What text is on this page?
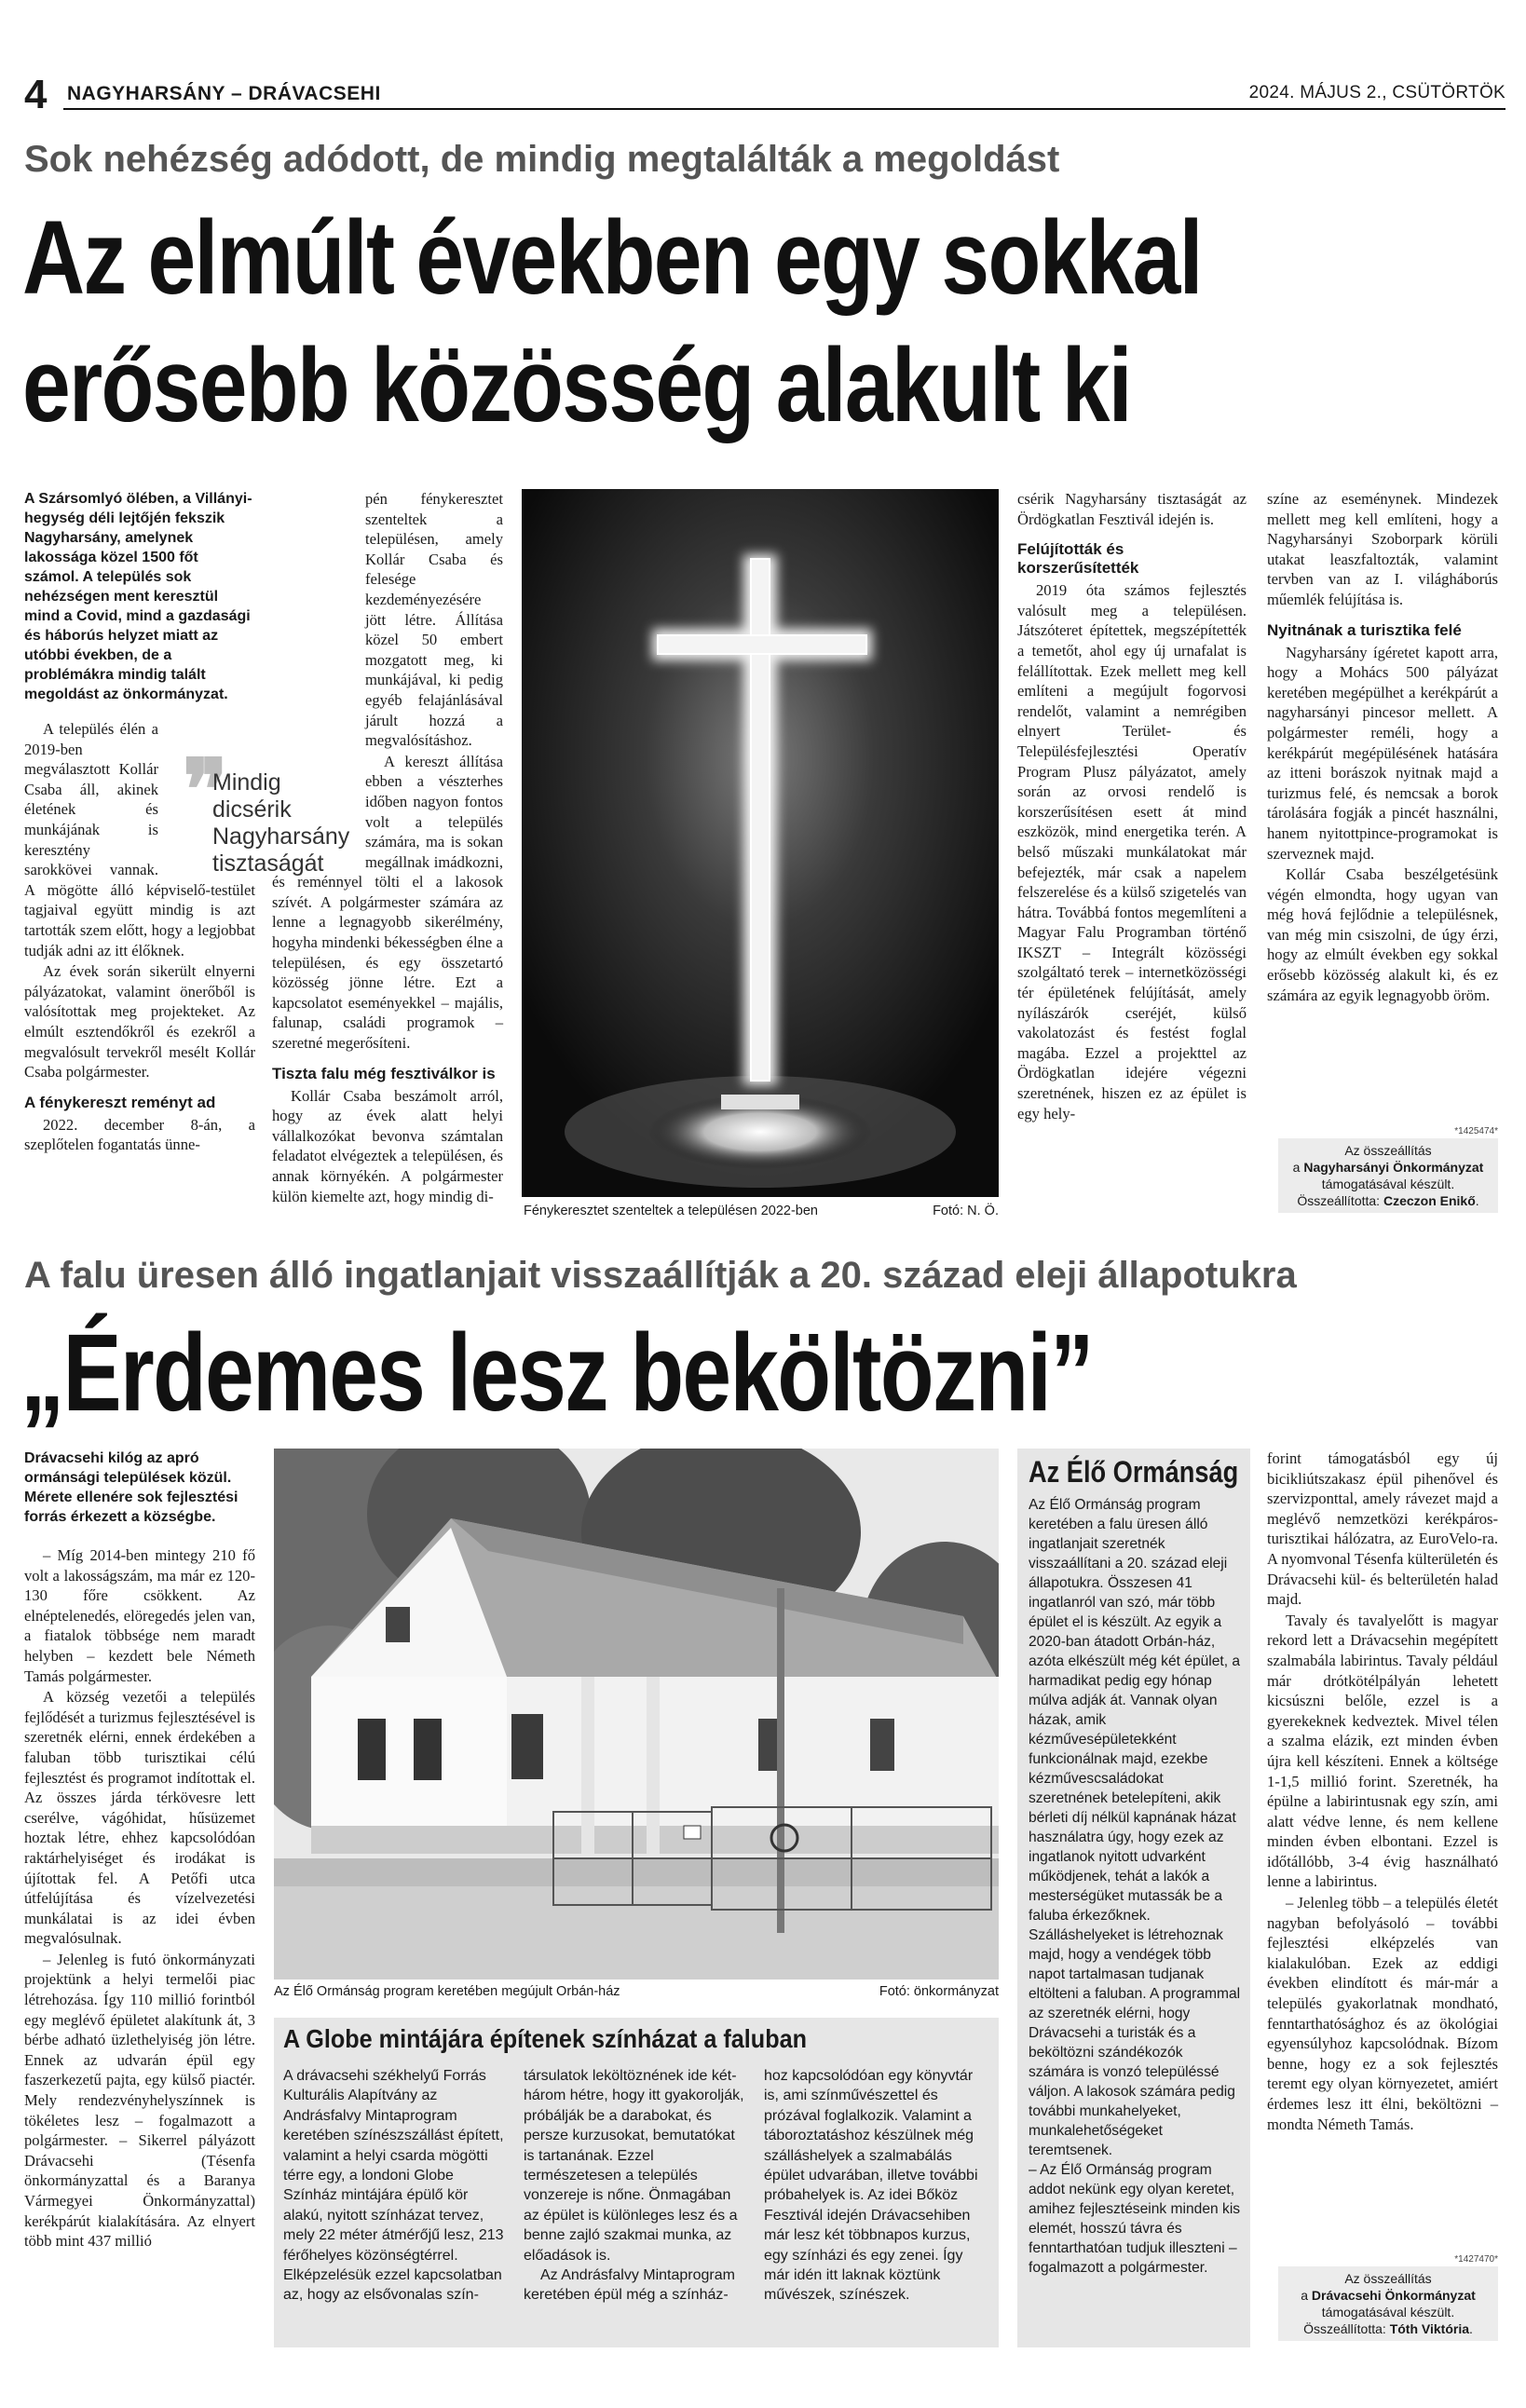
4 NAGYHARSÁNY – DRÁVACSEHI	2024. MÁJUS 2., CSÜTÖRTÖK
Sok nehézség adódott, de mindig megtalálták a megoldást
Az elmúlt években egy sokkal
erősebb közösség alakult ki

A Szársomlyó ölében, a Villányi-hegység déli lejtőjén fekszik Nagyharsány, amelynek lakossága közel 1500 főt számol. A település sok nehézségen ment keresztül mind a Covid, mind a gazdasági és háborús helyzet miatt az utóbbi években, de a problémákra mindig talált megoldást az önkormányzat.

A település élén a 2019-ben megválasztott Kollár Csaba áll, akinek életének és munkájának is keresztény sarokkövei vannak. A mögötte álló képviselő-testület tagjaival együtt mindig is azt tartották szem előtt, hogy a legjobbat tudják adni az itt élőknek.

Az évek során sikerült elnyerni pályázatokat, valamint önerőből is valósítottak meg projekteket. Az elmúlt esztendőkről és ezekről a megvalósult tervekről mesélt Kollár Csaba polgármester.

A fénykereszt reményt ad

2022. december 8-án, a szeplőtelen fogantatás ünne-

❞
Mindig dicsérik Nagyharsány tisztaságát

pén fénykeresztet szenteltek a településen, amely Kollár Csaba és felesége kezdeményezésére jött létre. Állítása közel 50 embert mozgatott meg, ki munkájával, ki pedig egyéb felajánlásával járult hozzá a megvalósításhoz.

A kereszt állítása ebben a vészterhes időben nagyon fontos volt a település számára, ma is sokan megállnak imádkozni, és reménnyel tölti el a lakosok szívét. A polgármester számára az lenne a legnagyobb sikerélmény, hogyha mindenki békességben élne a településen, és egy összetartó közösség jönne létre. Ezt a kapcsolatot eseményekkel – majális, falunap, családi programok – szeretné megerősíteni.

Tiszta falu még fesztiválkor is

Kollár Csaba beszámolt arról, hogy az évek alatt helyi vállalkozókat bevonva számtalan feladatot elvégeztek a településen, és annak környékén. A polgármester külön kiemelte azt, hogy mindig di-

Fénykeresztet szenteltek a településen 2022-ben	Fotó: N. Ö.

csérik Nagyharsány tisztaságát az Ördögkatlan Fesztivál idején is.

Felújították és korszerűsítették

2019 óta számos fejlesztés valósult meg a településen. Játszóteret építettek, megszépítették a temetőt, ahol egy új urnafalat is felállítottak. Ezek mellett meg kell említeni a megújult fogorvosi rendelőt, valamint a nemrégiben elnyert Terület- és Településfejlesztési Operatív Program Plusz pályázatot, amely során az orvosi rendelő is korszerűsítésen esett át mind eszközök, mind energetika terén. A belső műszaki munkálatokat már befejezték, már csak a napelem felszerelése és a külső szigetelés van hátra. Továbbá fontos megemlíteni a Magyar Falu Programban történő IKSZT – Integrált közösségi szolgáltató terek – internetközösségi tér épületének felújítását, amely nyílászárók cseréjét, külső vakolatozást és festést foglal magába. Ezzel a projekttel az Ördögkatlan idejére végezni szeretnének, hiszen ez az épület is egy hely-

színe az eseménynek. Mindezek mellett meg kell említeni, hogy a Nagyharsányi Szoborpark körüli utakat leaszfaltozták, valamint tervben van az I. világháborús műemlék felújítása is.

Nyitnának a turisztika felé

Nagyharsány ígéretet kapott arra, hogy a Mohács 500 pályázat keretében megépülhet a kerékpárút a nagyharsányi pincesor mellett. A polgármester reméli, hogy a kerékpárút megépülésének hatására az itteni borászok nyitnak majd a turizmus felé, és nemcsak a borok tárolására fogják a pincét használni, hanem nyitottpince-programokat is szerveznek majd.

Kollár Csaba beszélgetésünk végén elmondta, hogy ugyan van még hová fejlődnie a településnek, van még min csiszolni, de úgy érzi, hogy az elmúlt években egy sokkal erősebb közösség alakult ki, és ez számára az egyik legnagyobb öröm.

*1425474*
Az összeállítás
a Nagyharsányi Önkormányzat
támogatásával készült.
Összeállította: Czeczon Enikő.
A falu üresen álló ingatlanjait visszaállítják a 20. század eleji állapotukra
„Érdemes lesz beköltözni”

Drávacsehi kilóg az apró ormánsági települések közül. Mérete ellenére sok fejlesztési forrás érkezett a községbe.

– Míg 2014-ben mintegy 210 fő volt a lakosságszám, ma már ez 120-130 főre csökkent. Az elnéptelenedés, elöregedés jelen van, a fiatalok többsége nem maradt helyben – kezdett bele Németh Tamás polgármester.

A község vezetői a település fejlődését a turizmus fejlesztésével is szeretnék elérni, ennek érdekében a faluban több turisztikai célú fejlesztést és programot indítottak el. Az összes járda térkövesre lett cserélve, vágóhidat, hűsüzemet hoztak létre, ehhez kapcsolódóan raktárhelyiséget és irodákat is újítottak fel. A Petőfi utca útfelújítása és vízelvezetési munkálatai is az idei évben megvalósulnak.

– Jelenleg is futó önkormányzati projektünk a helyi termelői piac létrehozása. Így 110 millió forintból egy meglévő épületet alakítunk át, 3 bérbe adható üzlethelyiség jön létre. Ennek az udvarán épül egy faszerkezetű pajta, egy külső piactér. Mely rendezvényhelyszínnek is tökéletes lesz – fogalmazott a polgármester. – Sikerrel pályázott Drávacsehi (Tésenfa önkormányzattal és a Baranya Vármegyei Önkormányzattal) kerékpárút kialakítására. Az elnyert több mint 437 millió

Az Élő Ormánság program keretében megújult Orbán-ház	Fotó: önkormányzat
A Globe mintájára építenek színházat a faluban

A drávacsehi székhelyű Forrás Kulturális Alapítvány az Andrásfalvy Mintaprogram keretében színészszállást épített, valamint a helyi csarda mögötti térre egy, a londoni Globe Színház mintájára épülő kör alakú, nyitott színházat tervez, mely 22 méter átmérőjű lesz, 213 férőhelyes közönségtérrel. Elképzelésük ezzel kapcsolatban az, hogy az elsővonalas szín-

társulatok leköltöznének ide két-három hétre, hogy itt gyakorolják, próbálják be a darabokat, és persze kurzusokat, bemutatókat is tartanának. Ezzel természetesen a település vonzereje is nőne. Önmagában az épület is különleges lesz és a benne zajló szakmai munka, az előadások is.

Az Andrásfalvy Mintaprogram keretében épül még a színház-

hoz kapcsolódóan egy könyvtár is, ami színművészettel és prózával foglalkozik. Valamint a táboroztatáshoz készülnek még szálláshelyek a szalmabálás épület udvarában, illetve további próbahelyek is. Az idei Bőköz Fesztivál idején Drávacsehiben már lesz két többnapos kurzus, egy színházi és egy zenei. Így már idén itt laknak köztünk művészek, színészek.

Az Élő Ormánság

Az Élő Ormánság program keretében a falu üresen álló ingatlanjait szeretnék visszaállítani a 20. század eleji állapotukra. Összesen 41 ingatlanról van szó, már több épület el is készült. Az egyik a 2020-ban átadott Orbán-ház, azóta elkészült még két épület, a harmadikat pedig egy hónap múlva adják át. Vannak olyan házak, amik kézművesépületekként funkcionálnak majd, ezekbe kézművescsaládokat szeretnének betelepíteni, akik bérleti díj nélkül kapnának házat használatra úgy, hogy ezek az ingatlanok nyitott udvarként működjenek, tehát a lakók a mesterségüket mutassák be a faluba érkezőknek. Szálláshelyeket is létrehoznak majd, hogy a vendégek több napot tartalmasan tudjanak eltölteni a faluban. A programmal az szeretnék elérni, hogy Drávacsehi a turisták és a beköltözni szándékozók számára is vonzó településsé váljon. A lakosok számára pedig további munkahelyeket, munkalehetőségeket teremtsenek.

– Az Élő Ormánság program addot nekünk egy olyan keretet, amihez fejlesztéseink minden kis elemét, hosszú távra és fenntarthatóan tudjuk illeszteni – fogalmazott a polgármester.

forint támogatásból egy új bicikliútszakasz épül pihenővel és szervizponttal, amely rávezet majd a meglévő nemzetközi kerékpáros-turisztikai hálózatra, az EuroVelo-ra. A nyomvonal Tésenfa külterületén és Drávacsehi kül- és belterületén halad majd.

Tavaly és tavalyelőtt is magyar rekord lett a Drávacsehin megépített szalmabála labirintus. Tavaly például már drótkötélpályán lehetett kicsúszni belőle, ezzel is a gyerekeknek kedveztek. Mivel télen a szalma elázik, ezt minden évben újra kell készíteni. Ennek a költsége 1-1,5 millió forint. Szeretnék, ha épülne a labirintusnak egy szín, ami alatt védve lenne, és nem kellene minden évben elbontani. Ezzel is időtállóbb, 3-4 évig használható lenne a labirintus.

– Jelenleg több – a település életét nagyban befolyásoló – további fejlesztési elképzelés van kialakulóban. Ezek az eddigi években elindított és már-már a település gyakorlatnak mondható, fenntarthatósághoz és az ökológiai egyensúlyhoz kapcsolódnak. Bízom benne, hogy ez a sok fejlesztés teremt egy olyan környezetet, amiért érdemes lesz itt élni, beköltözni – mondta Németh Tamás.

*1427470*
Az összeállítás
a Drávacsehi Önkormányzat
támogatásával készült.
Összeállította: Tóth Viktória.
